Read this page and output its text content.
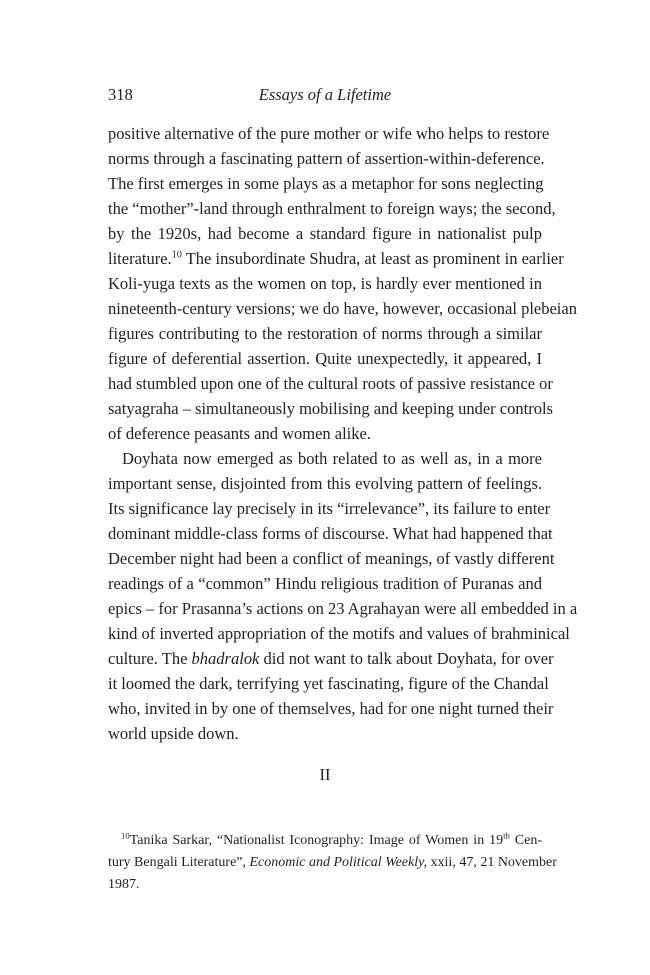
318	Essays of a Lifetime
positive alternative of the pure mother or wife who helps to restore
norms through a fascinating pattern of assertion-within-deference.
The first emerges in some plays as a metaphor for sons neglecting
the “mother”-land through enthralment to foreign ways; the second,
by the 1920s, had become a standard figure in nationalist pulp
literature.$^{10}$ The insubordinate Shudra, at least as prominent in earlier
Koli-yuga texts as the women on top, is hardly ever mentioned in
nineteenth-century versions; we do have, however, occasional plebeian
figures contributing to the restoration of norms through a similar
figure of deferential assertion. Quite unexpectedly, it appeared, I
had stumbled upon one of the cultural roots of passive resistance or
satyagraha – simultaneously mobilising and keeping under controls
of deference peasants and women alike.
Doyhata now emerged as both related to as well as, in a more
important sense, disjointed from this evolving pattern of feelings.
Its significance lay precisely in its “irrelevance”, its failure to enter
dominant middle-class forms of discourse. What had happened that
December night had been a conflict of meanings, of vastly different
readings of a “common” Hindu religious tradition of Puranas and
epics – for Prasanna’s actions on 23 Agrahayan were all embedded in a
kind of inverted appropriation of the motifs and values of brahminical
II
$^{10}$Tanika Sarkar, “Nationalist Iconography: Image of Women in 19th Cen-
tury Bengali Literature”, Economic and Political Weekly, xxii, 47, 21 November
1987.
it loomed the dark, terrifying yet fascinating, figure of the Chandal
who, invited in by one of themselves, had for one night turned their
world upside down.
culture. The bhadralok did not want to talk about Doyhata, for over
